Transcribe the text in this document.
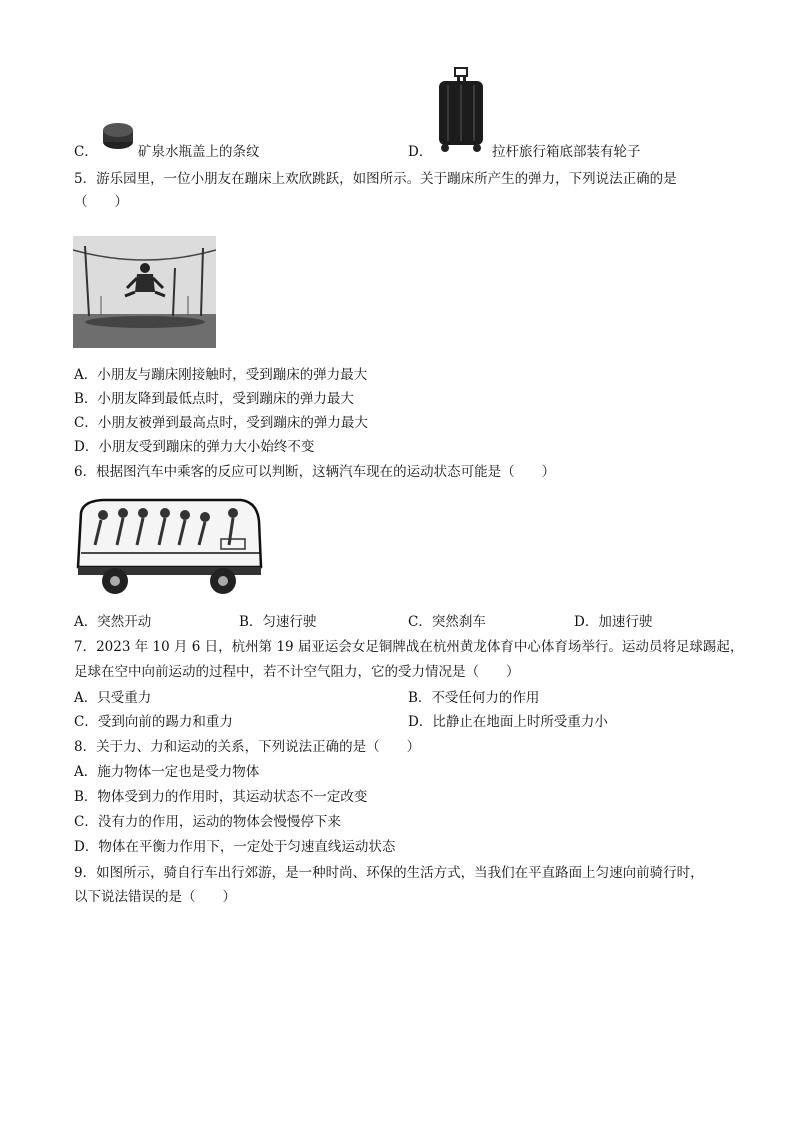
C．	矿泉水瓶盖上的条纹	D．	拉杆旅行箱底部装有轮子
5．游乐园里，一位小朋友在蹦床上欢欣跳跃，如图所示。关于蹦床所产生的弹力，下列说法正确的是
（　　）
A．小朋友与蹦床刚接触时，受到蹦床的弹力最大
B．小朋友降到最低点时，受到蹦床的弹力最大
C．小朋友被弹到最高点时，受到蹦床的弹力最大
D．小朋友受到蹦床的弹力大小始终不变
6．根据图汽车中乘客的反应可以判断，这辆汽车现在的运动状态可能是（　　）
A．突然开动	B．匀速行驶	C．突然刹车	D．加速行驶
7．2023 年 10 月 6 日，杭州第 19 届亚运会女足铜牌战在杭州黄龙体育中心体育场举行。运动员将足球踢起，
足球在空中向前运动的过程中，若不计空气阻力，它的受力情况是（　　）
A．只受重力	B．不受任何力的作用
C．受到向前的踢力和重力	D．比静止在地面上时所受重力小
8．关于力、力和运动的关系，下列说法正确的是（　　）
A．施力物体一定也是受力物体
B．物体受到力的作用时，其运动状态不一定改变
C．没有力的作用，运动的物体会慢慢停下来
D．物体在平衡力作用下，一定处于匀速直线运动状态
9．如图所示，骑自行车出行郊游，是一种时尚、环保的生活方式，当我们在平直路面上匀速向前骑行时，
以下说法错误的是（　　）
